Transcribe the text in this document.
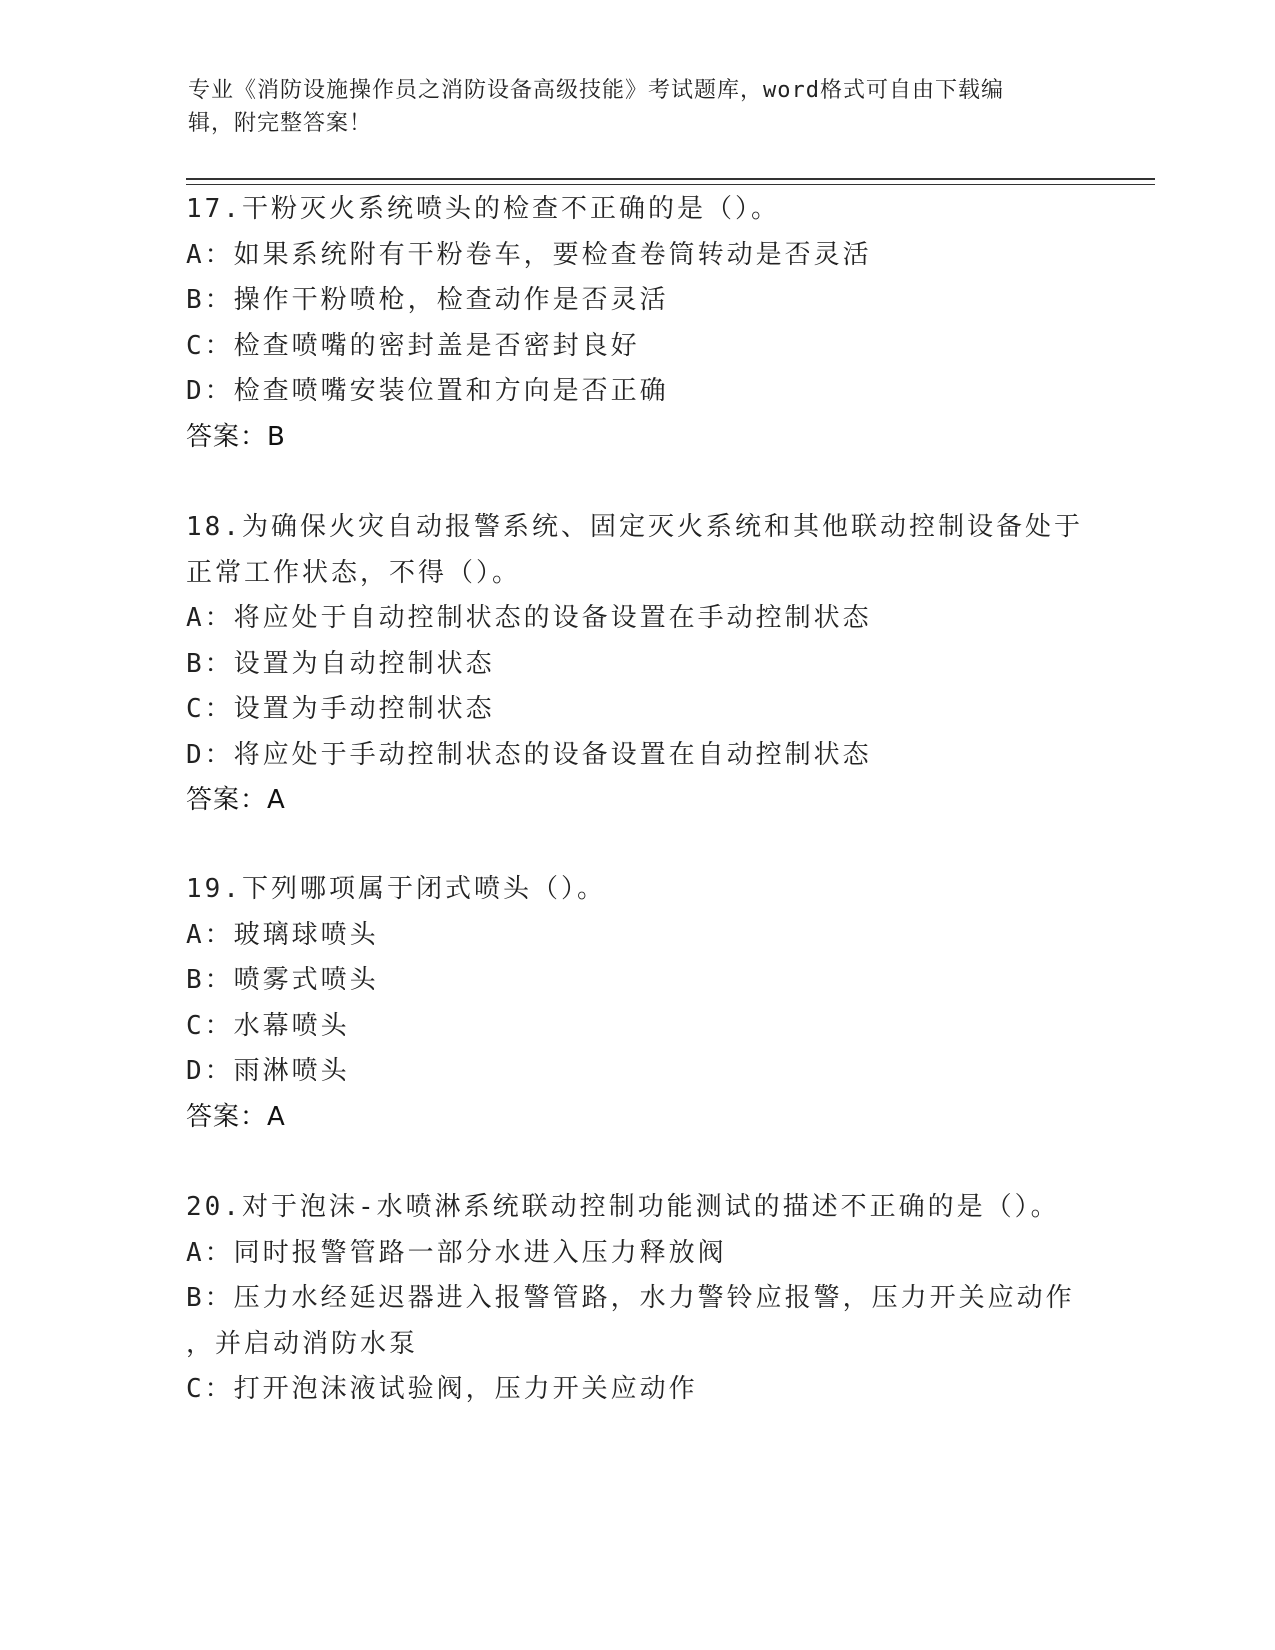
专业《消防设施操作员之消防设备高级技能》考试题库，word格式可自由下载编
辑，附完整答案！
17.干粉灭火系统喷头的检查不正确的是（）。
A：如果系统附有干粉卷车，要检查卷筒转动是否灵活
B：操作干粉喷枪，检查动作是否灵活
C：检查喷嘴的密封盖是否密封良好
D：检查喷嘴安装位置和方向是否正确
答案：B
18.为确保火灾自动报警系统、固定灭火系统和其他联动控制设备处于
正常工作状态，不得（）。
A：将应处于自动控制状态的设备设置在手动控制状态
B：设置为自动控制状态
C：设置为手动控制状态
D：将应处于手动控制状态的设备设置在自动控制状态
答案：A
19.下列哪项属于闭式喷头（）。
A：玻璃球喷头
B：喷雾式喷头
C：水幕喷头
D：雨淋喷头
答案：A
20.对于泡沫-水喷淋系统联动控制功能测试的描述不正确的是（）。
A：同时报警管路一部分水进入压力释放阀
B：压力水经延迟器进入报警管路，水力警铃应报警，压力开关应动作
，并启动消防水泵
C：打开泡沫液试验阀，压力开关应动作
